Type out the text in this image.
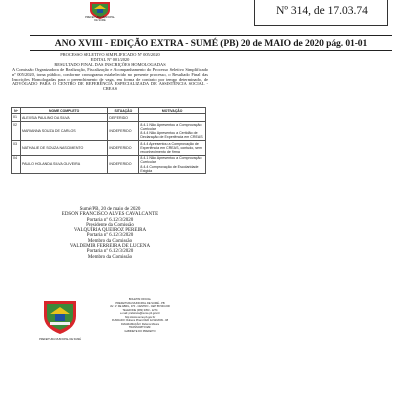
PREFEITURA MUNICIPAL DE SUMÉ
Nº 314, de 17.03.74
ANO XVIII - EDIÇÃO EXTRA - SUMÉ (PB) 20 de MAIO de 2020 pág. 01-01
PROCESSO SELETIVO SIMPLIFICADO Nº 005/2020
EDITAL Nº 001/2020
RESULTADO FINAL DAS INSCRIÇÕES HOMOLOGADAS
A Comissão Organizadora de Realização, Fiscalização e Acompanhamento do Processo Seletivo Simplificado nº 005/2020, torna público, conforme cronograma estabelecido no presente processo, o Resultado Final das Inscrições Homologadas para o preenchimento de vaga, em forma de contrato por tempo determinado, de ADVOGADO PARA O CENTRO DE REFERÊNCIA ESPECIALIZADA DE ASSISTÊNCIA SOCIAL - CREAS
Nº	NOME COMPLETO	SITUAÇÃO	MOTIVAÇÃO
01	ALEXSIA PAULINO DA SILVA	DEFERIDO	
02	MARIANNA SOUZA DE CARLOS	INDEFERIDO	8.4.1 Não Apresentou a Comprovação Curricular
8.4.4 Não Apresentou a Certidão de Declaração de Experiência em CREAS

03	NATHALIE DE SOUZA NASCIMENTO	INDEFERIDO	8.4.4 Apresentou a Comprovação de Experiência em CREAS, contudo, sem reconhecimento de firma

04	PAULO HOLANDA SILVA OLIVEIRA	INDEFERIDO	8.4.1 Não Apresentou a Comprovação Curricular
8.4.4 Comprovação de Escolaridade Exigida
Sumé/PB, 20 de maio de 2020
EDSON FRANCISCO ALVES CAVALCANTE
Portaria nº 6.12/3/2020
Presidente da Comissão
VALQUÍRIA QUEIROZ PEREIRA
Portaria nº 6.12/3/2020
Membro da Comissão
VALDEMIR FERREIRA DE LUCENA
Portaria nº 6.12/3/2020
Membro da Comissão
PREFEITURA MUNICIPAL DE SUMÉ
BOLETIM OFICIAL
PREFEITURA MUNICIPAL DE SUMÉ - PB
AV. 1º DE ABRIL, 370 - CENTRO - CEP 58.540-000
TELEFONE (083) 3353 - 1274
e-mail: prefeitura@sume.pb.gov.br
http://www.sume.pb.gov.br
FUNDADO: Rubens Pirarú DHD 12/12/2009 - 08
DIAGRAMAÇÃO: Rubens Moura
TRANSCRITO EM:
GABINETE DO PREFEITO
